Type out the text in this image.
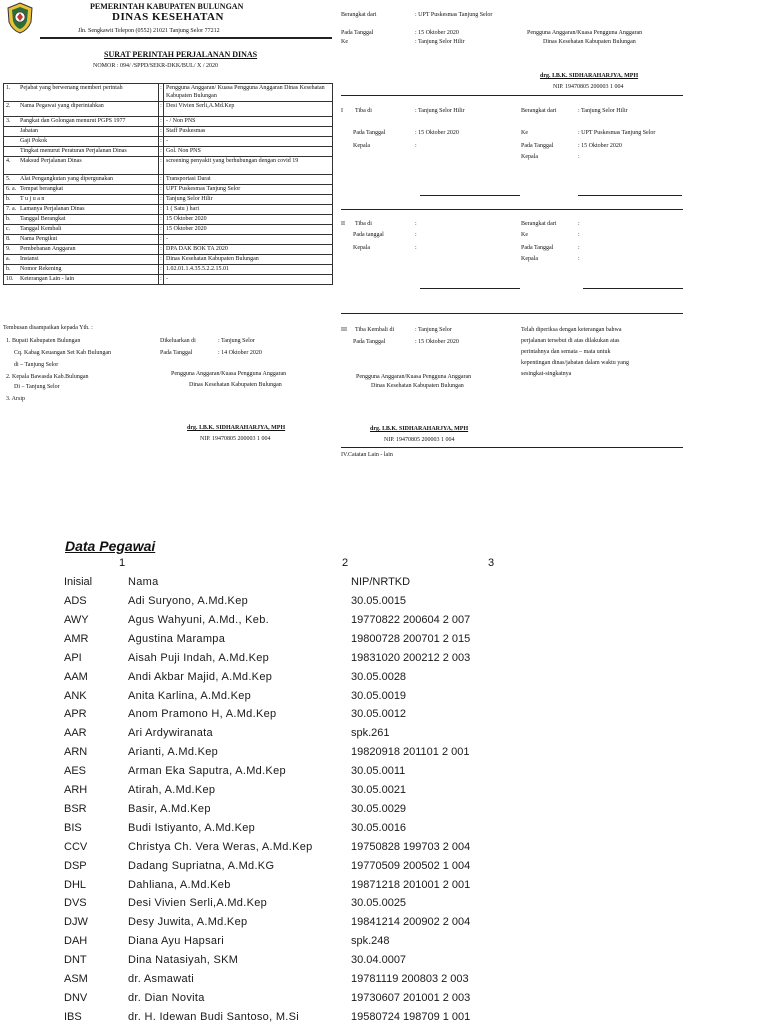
PEMERINTAH KABUPATEN BULUNGAN
DINAS KESEHATAN
Jln. Sengkawit Telepon (0552) 21021 Tanjung Selor 77212
SURAT PERINTAH PERJALANAN DINAS
NOMOR : 094/ /SPPD/SEKR-DKK/BUL/ X / 2020
1. Pejabat yang berwenang memberi perintah	:	Pengguna Anggaran/ Kuasa Pengguna Anggaran Dinas Kesehatan Kabupaten Bulungan
2. Nama Pegawai yang diperintahkan	:	Desi Vivien Serli,A.Md.Kep
3. Pangkat dan Golongan menurut PGPS 1977	:	- / Non PNS
Jabatan	:	Staff Puskesmas
Gaji Pokok	:	-
Tingkat menurut Peraturan Perjalanan Dinas	:	Gol. Non PNS
4. Maksud Perjalanan Dinas	:	screening penyakit yang berhubungan dengan covid 19
5. Alat Pengangkutan yang dipergunakan	:	Transportasi Darat
6. a. Tempat berangkat	:	UPT Puskesmas Tanjung Selor
b. T u j u a n	:	Tanjung Selor Hilir
7. a. Lamanya Perjalanan Dinas	:	1 ( Satu ) hari
b. Tanggal Berangkat	:	15 Oktober 2020
c. Tanggal Kembali	:	15 Oktober 2020
8. Nama Pengikut	:	-
9. Pembebanan Anggaran	:	DPA DAK BOK TA 2020
a. Instansi	:	Dinas Kesehatan Kabupaten Bulungan
b. Nomor Rekening	:	1.02.01.1.4.35.5.2.2.15.01
10. Keterangan Lain - lain	:	-
Tembusan disampaikan kepada Yth. :
1. Bupati Kabupaten Bulungan
Cq. Kabag Keuangan Set Kab Bulungan
di – Tanjung Selor
2. Kepala Bawasda Kab.Bulungan
Di – Tanjung Selor
3. Arsip
Dikeluarkan di	: Tanjung Selor
Pada Tanggal	: 14 Oktober 2020
Pengguna Anggaran/Kuasa Pengguna Anggaran
Dinas Kesehatan Kabupaten Bulungan
drg. I.B.K. SIDHARAHARJYA, MPH
NIP. 19470805 200003 1 004
Berangkat dari	: UPT Puskesmas Tanjung Selor
Pada Tanggal	: 15 Oktober 2020
Ke	: Tanjung Selor Hilir
Pengguna Anggaran/Kuasa Pengguna Anggaran
Dinas Kesehatan Kabupaten Bulungan
drg. I.B.K. SIDHARAHARJYA, MPH
NIP. 19470805 200003 1 004
I Tiba di	: Tanjung Selor Hilir
Pada Tanggal	: 15 Oktober 2020
Kepala	:
Berangkat dari	: Tanjung Selor Hilir
Ke	: UPT Puskesmas Tanjung Selor
Pada Tanggal	: 15 Oktober 2020
Kepala	:
II Tiba di	:
Pada tanggal	:
Kepala	:
Berangkat dari	:
Ke	:
Pada Tanggal	:
Kepala	:
III Tiba Kembali di	: Tanjung Selor
Pada Tanggal	: 15 Oktober 2020
Telah diperiksa dengan keterangan bahwa
perjalanan tersebut di atas dilakukan atas
perintahnya dan semata – mata untuk
kepentingan dinas/jabatan dalam waktu yang
sesingkat-singkatnya
Pengguna Anggaran/Kuasa Pengguna Anggaran
Dinas Kesehatan Kabupaten Bulungan
drg. I.B.K. SIDHARAHARJYA, MPH
NIP. 19470805 200003 1 004
IV.Catatan Lain - lain
Data Pegawai
1	2	3
Inisial	Nama	NIP/NRTKD
ADS	Adi Suryono, A.Md.Kep	30.05.0015
AWY	Agus Wahyuni, A.Md., Keb.	19770822 200604 2 007
AMR	Agustina Marampa	19800728 200701 2 015
API	Aisah Puji Indah, A.Md.Kep	19831020 200212 2 003
AAM	Andi Akbar Majid, A.Md.Kep	30.05.0028
ANK	Anita Karlina, A.Md.Kep	30.05.0019
APR	Anom Pramono H, A.Md.Kep	30.05.0012
AAR	Ari Ardywiranata	spk.261
ARN	Arianti, A.Md.Kep	19820918 201101 2 001
AES	Arman Eka Saputra, A.Md.Kep	30.05.0011
ARH	Atirah, A.Md.Kep	30.05.0021
BSR	Basir, A.Md.Kep	30.05.0029
BIS	Budi Istiyanto, A.Md.Kep	30.05.0016
CCV	Christya Ch. Vera Weras, A.Md.Kep	19750828 199703 2 004
DSP	Dadang Supriatna, A.Md.KG	19770509 200502 1 004
DHL	Dahliana, A.Md.Keb	19871218 201001 2 001
DVS	Desi Vivien Serli,A.Md.Kep	30.05.0025
DJW	Desy Juwita, A.Md.Kep	19841214 200902 2 004
DAH	Diana Ayu Hapsari	spk.248
DNT	Dina Natasiyah, SKM	30.04.0007
ASM	dr. Asmawati	19781119 200803 2 003
DNV	dr. Dian Novita	19730607 201001 2 003
IBS	dr. H. Idewan Budi Santoso, M.Si	19580724 198709 1 001
